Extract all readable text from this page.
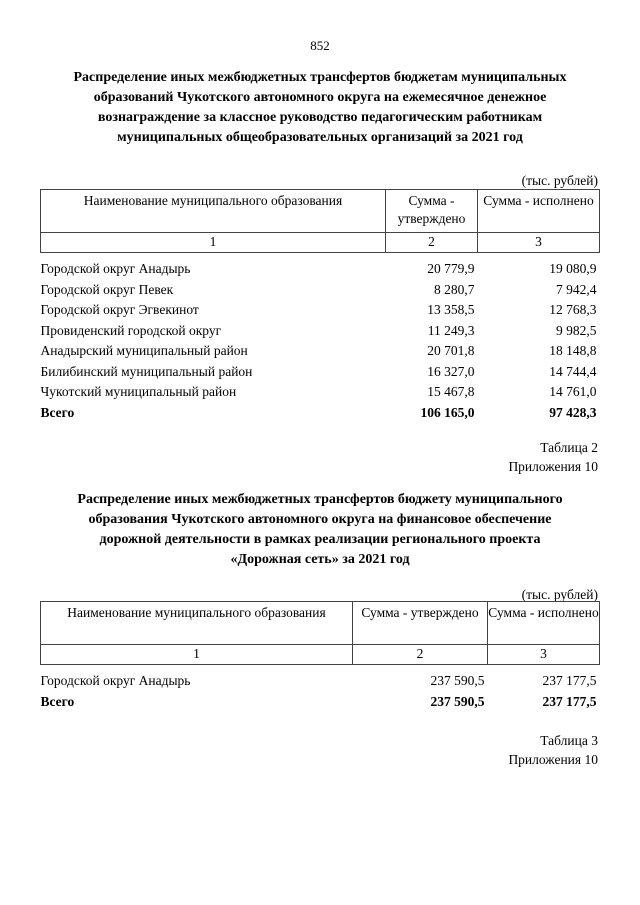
852
Распределение иных межбюджетных трансфертов бюджетам муниципальных
образований Чукотского автономного округа на ежемесячное денежное
вознаграждение за классное руководство педагогическим работникам
муниципальных общеобразовательных организаций за 2021 год
(тыс. рублей)
Наименование муниципального образования	Сумма - утверждено	Сумма - исполнено
1	2	3
Городской округ Анадырь	20 779,9	19 080,9
Городской округ Певек	8 280,7	7 942,4
Городской округ Эгвекинот	13 358,5	12 768,3
Провиденский городской округ	11 249,3	9 982,5
Анадырский муниципальный район	20 701,8	18 148,8
Билибинский муниципальный район	16 327,0	14 744,4
Чукотский муниципальный район	15 467,8	14 761,0
Всего	106 165,0	97 428,3
Таблица 2
Приложения 10
Распределение иных межбюджетных трансфертов бюджету муниципального
образования Чукотского автономного округа на финансовое обеспечение
дорожной деятельности в рамках реализации регионального проекта
«Дорожная сеть» за 2021 год
(тыс. рублей)
Наименование муниципального образования	Сумма - утверждено	Сумма - исполнено
1	2	3
Городской округ Анадырь	237 590,5	237 177,5
Всего	237 590,5	237 177,5
Таблица 3
Приложения 10
